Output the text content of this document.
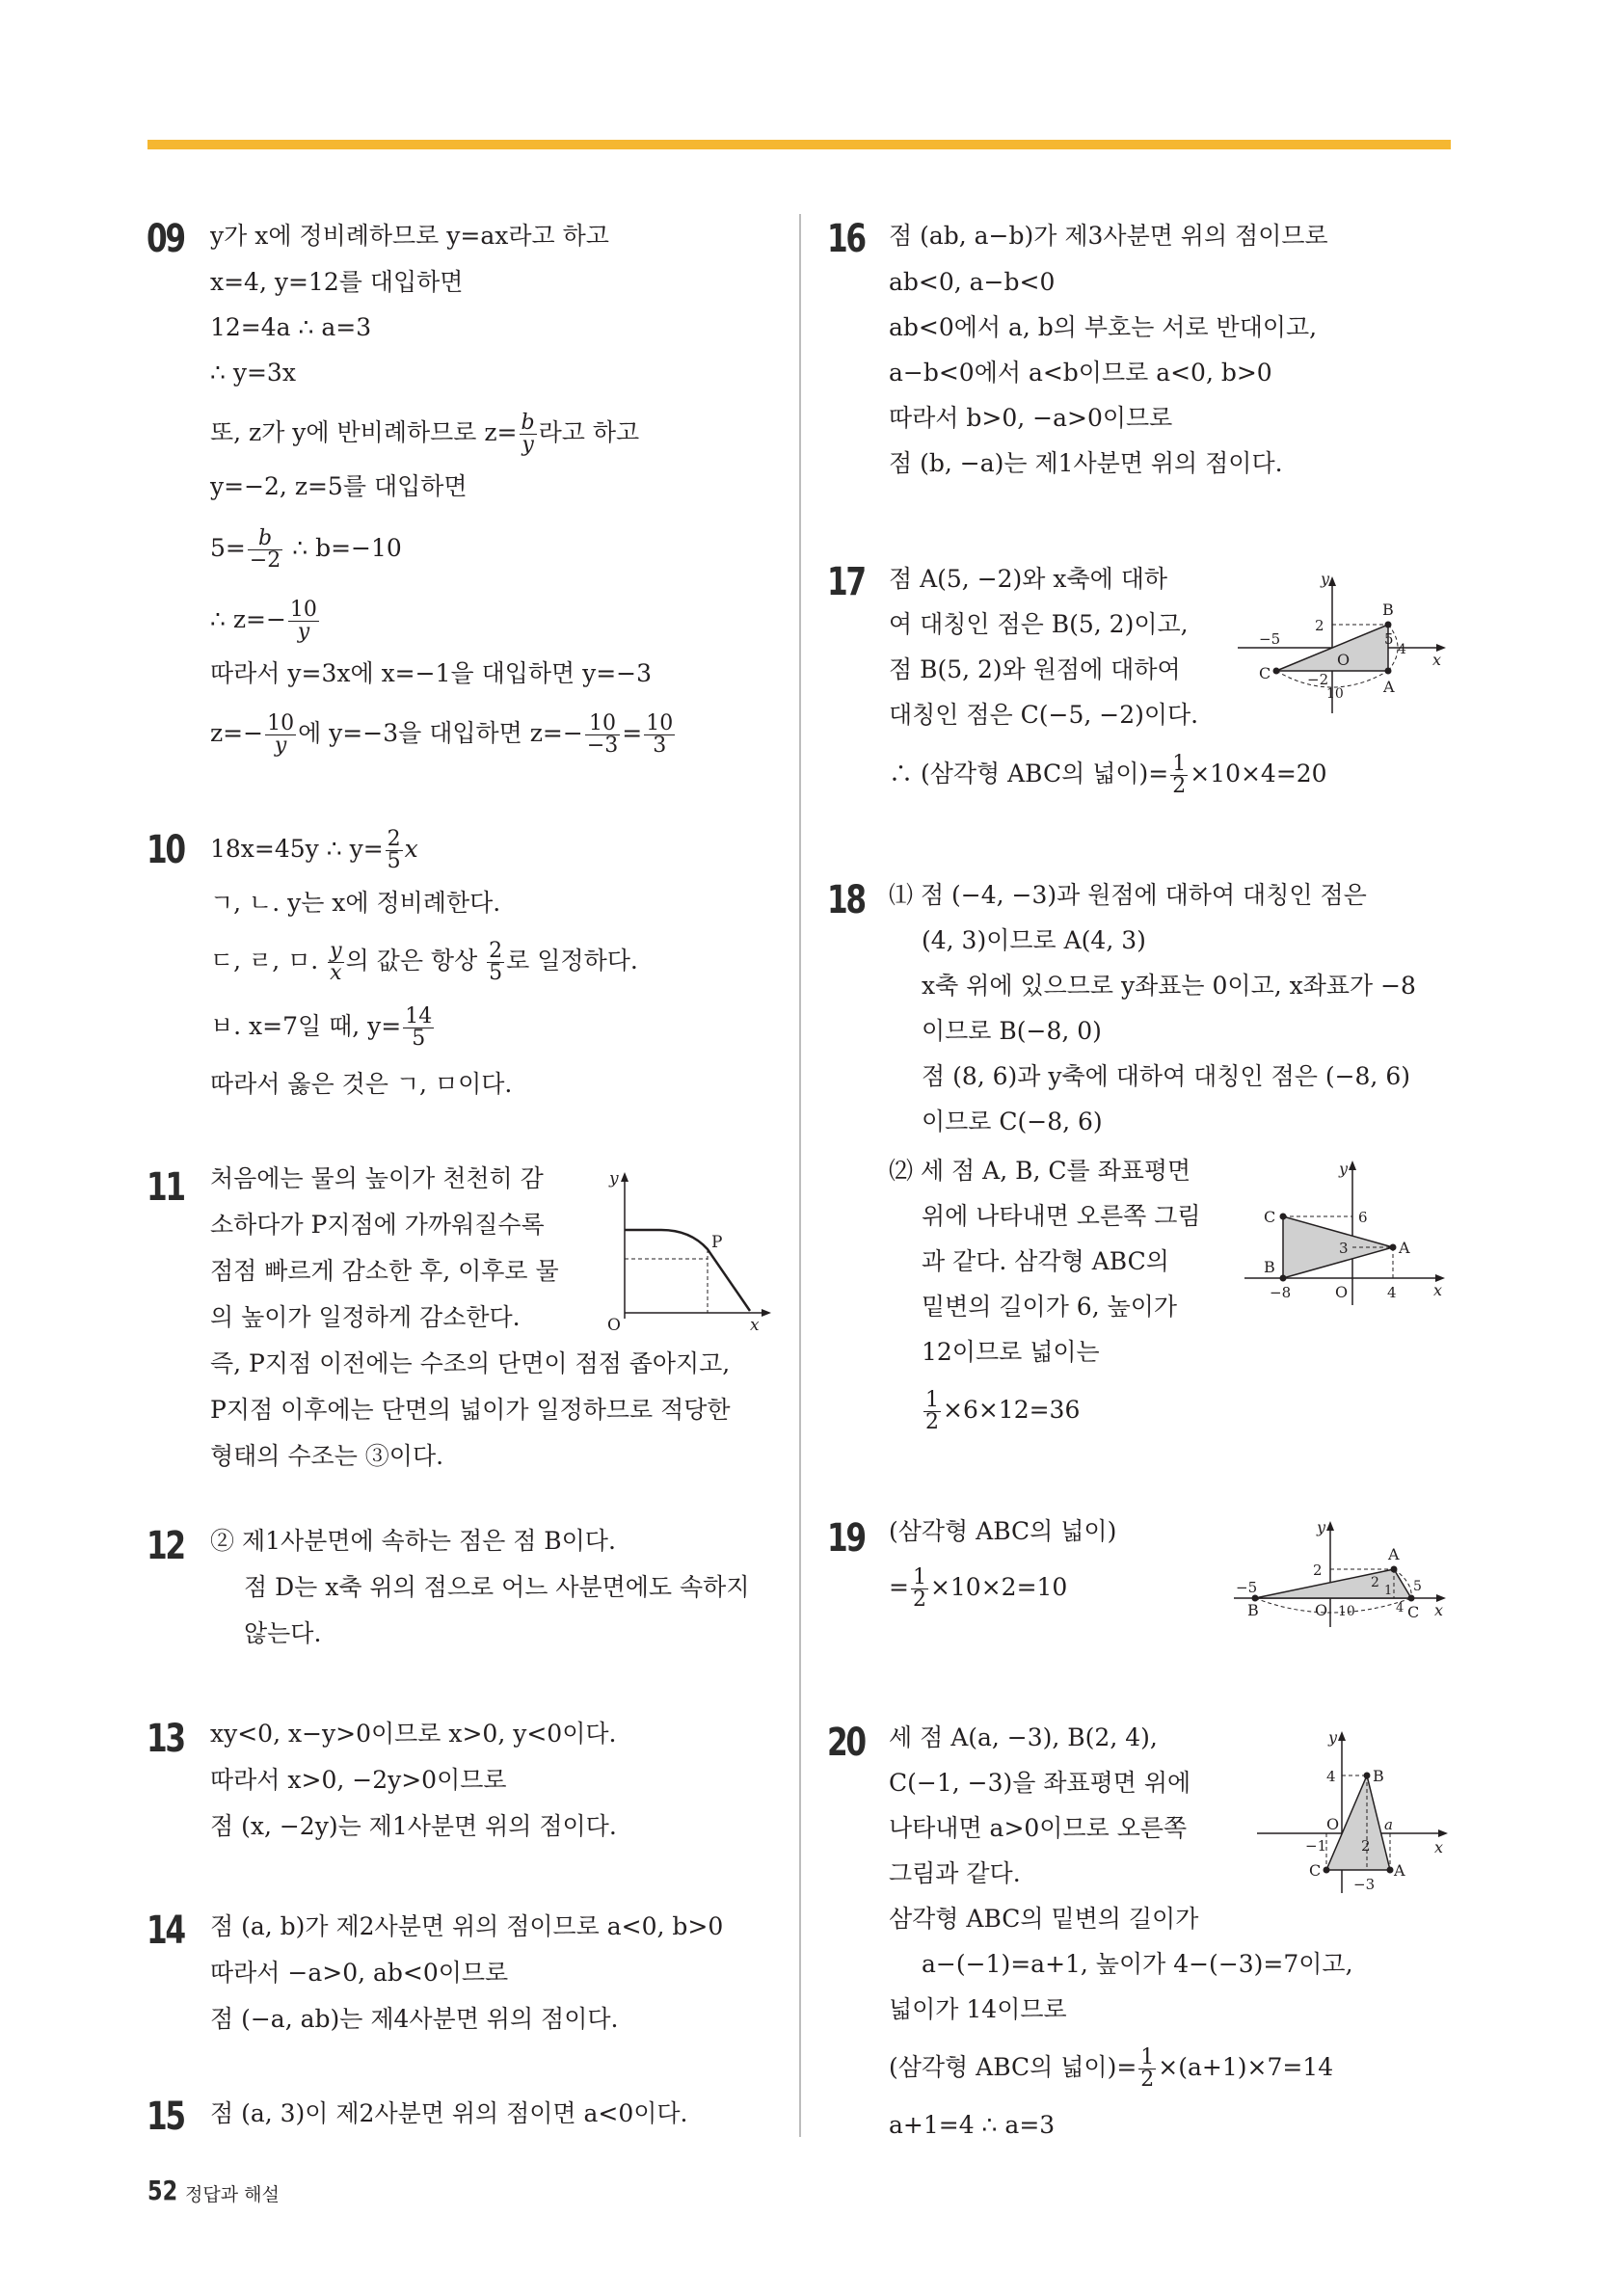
09 y가 x에 정비례하므로 y=ax라고 하고
x=4, y=12를 대입하면
12=4a ∴ a=3
∴ y=3x
또, z가 y에 반비례하므로 $z= \frac{b}{y}$ 라고 하고
y=−2, z=5를 대입하면
$5= \frac{b}{-2}$ ∴ b=−10
∴ $z=- \frac{10}{y}$
따라서 y=3x에 x=−1을 대입하면 y=−3
$z=- \frac{10}{y}$ 에 y=−3을 대입하면 $z=- \frac{10}{-3} = \frac{10}{3}$
10 18x=45y ∴ $y= \frac{2}{5}$ x
ㄱ, ㄴ. y는 x에 정비례한다.
ㄷ, ㄹ, ㅁ. $\frac{y}{x}$ 의 값은 항상 $\frac{2}{5}$ 로 일정하다.
ㅂ. x=7일 때, $y= \frac{14}{5}$
따라서 옳은 것은 ㄱ, ㅁ이다.
11 처음에는 물의 높이가 천천히 감
소하다가 P지점에 가까워질수록
점점 빠르게 감소한 후, 이후로 물
의 높이가 일정하게 감소한다.
즉, P지점 이전에는 수조의 단면이 점점 좁아지고,
P지점 이후에는 단면의 넓이가 일정하므로 적당한
형태의 수조는 ③이다.
y
x
O
P
12 ② 제1사분면에 속하는 점은 점 B이다.
점 D는 x축 위의 점으로 어느 사분면에도 속하지
않는다.
13 xy<0, x−y>0이므로 x>0, y<0이다.
따라서 x>0, −2y>0이므로
점 (x, −2y)는 제1사분면 위의 점이다.
14 점 (a, b)가 제2사분면 위의 점이므로 a<0, b>0
따라서 −a>0, ab<0이므로
점 (−a, ab)는 제4사분면 위의 점이다.
15 점 (a, 3)이 제2사분면 위의 점이면 a<0이다.
16 점 (ab, a−b)가 제3사분면 위의 점이므로
ab<0, a−b<0
ab<0에서 a, b의 부호는 서로 반대이고,
a−b<0에서 a<b이므로 a<0, b>0
따라서 b>0, −a>0이므로
점 (b, −a)는 제1사분면 위의 점이다.
17 점 A(5, −2)와 x축에 대하
여 대칭인 점은 B(5, 2)이고,
점 B(5, 2)와 원점에 대하여
대칭인 점은 C(−5, −2)이다.
∴ (삼각형 ABC의 넓이)= $\frac{1}{2} \times 10\times 4=20$
y
x
O
B
A
C
2
−2
−5	5
4
10
18 ⑴ 점 (−4, −3)과 원점에 대하여 대칭인 점은
(4, 3)이므로 A(4, 3)
x축 위에 있으므로 y좌표는 0이고, x좌표가 −8
이므로 B(−8, 0)
점 (8, 6)과 y축에 대하여 대칭인 점은 (−8, 6)
이므로 C(−8, 6)
⑵ 세 점 A, B, C를 좌표평면
위에 나타내면 오른쪽 그림
과 같다. 삼각형 ABC의
밑변의 길이가 6, 높이가
12이므로 넓이는
$\frac{1}{2} \times 6\times 12=36$
y
x
O
C
B
A
6
3
−8	4
19 (삼각형 ABC의 넓이)
= $\frac{1}{2} \times 10\times 2=10$
y
x
O
A
B	C
2
−5	5
4
10
2
1
20 세 점 A(a, −3), B(2, 4),
C(−1, −3)을 좌표평면 위에
나타내면 a>0이므로 오른쪽
그림과 같다.
삼각형 ABC의 밑변의 길이가
a−(−1)=a+1, 높이가 4−(−3)=7이고,
넓이가 14이므로
(삼각형 ABC의 넓이)= $\frac{1}{2} \times(a+1)\times 7=14$
a+1=4 ∴ a=3
y
x
O
B
A
C
4
−1
−3
a
2
52 정답과 해설
